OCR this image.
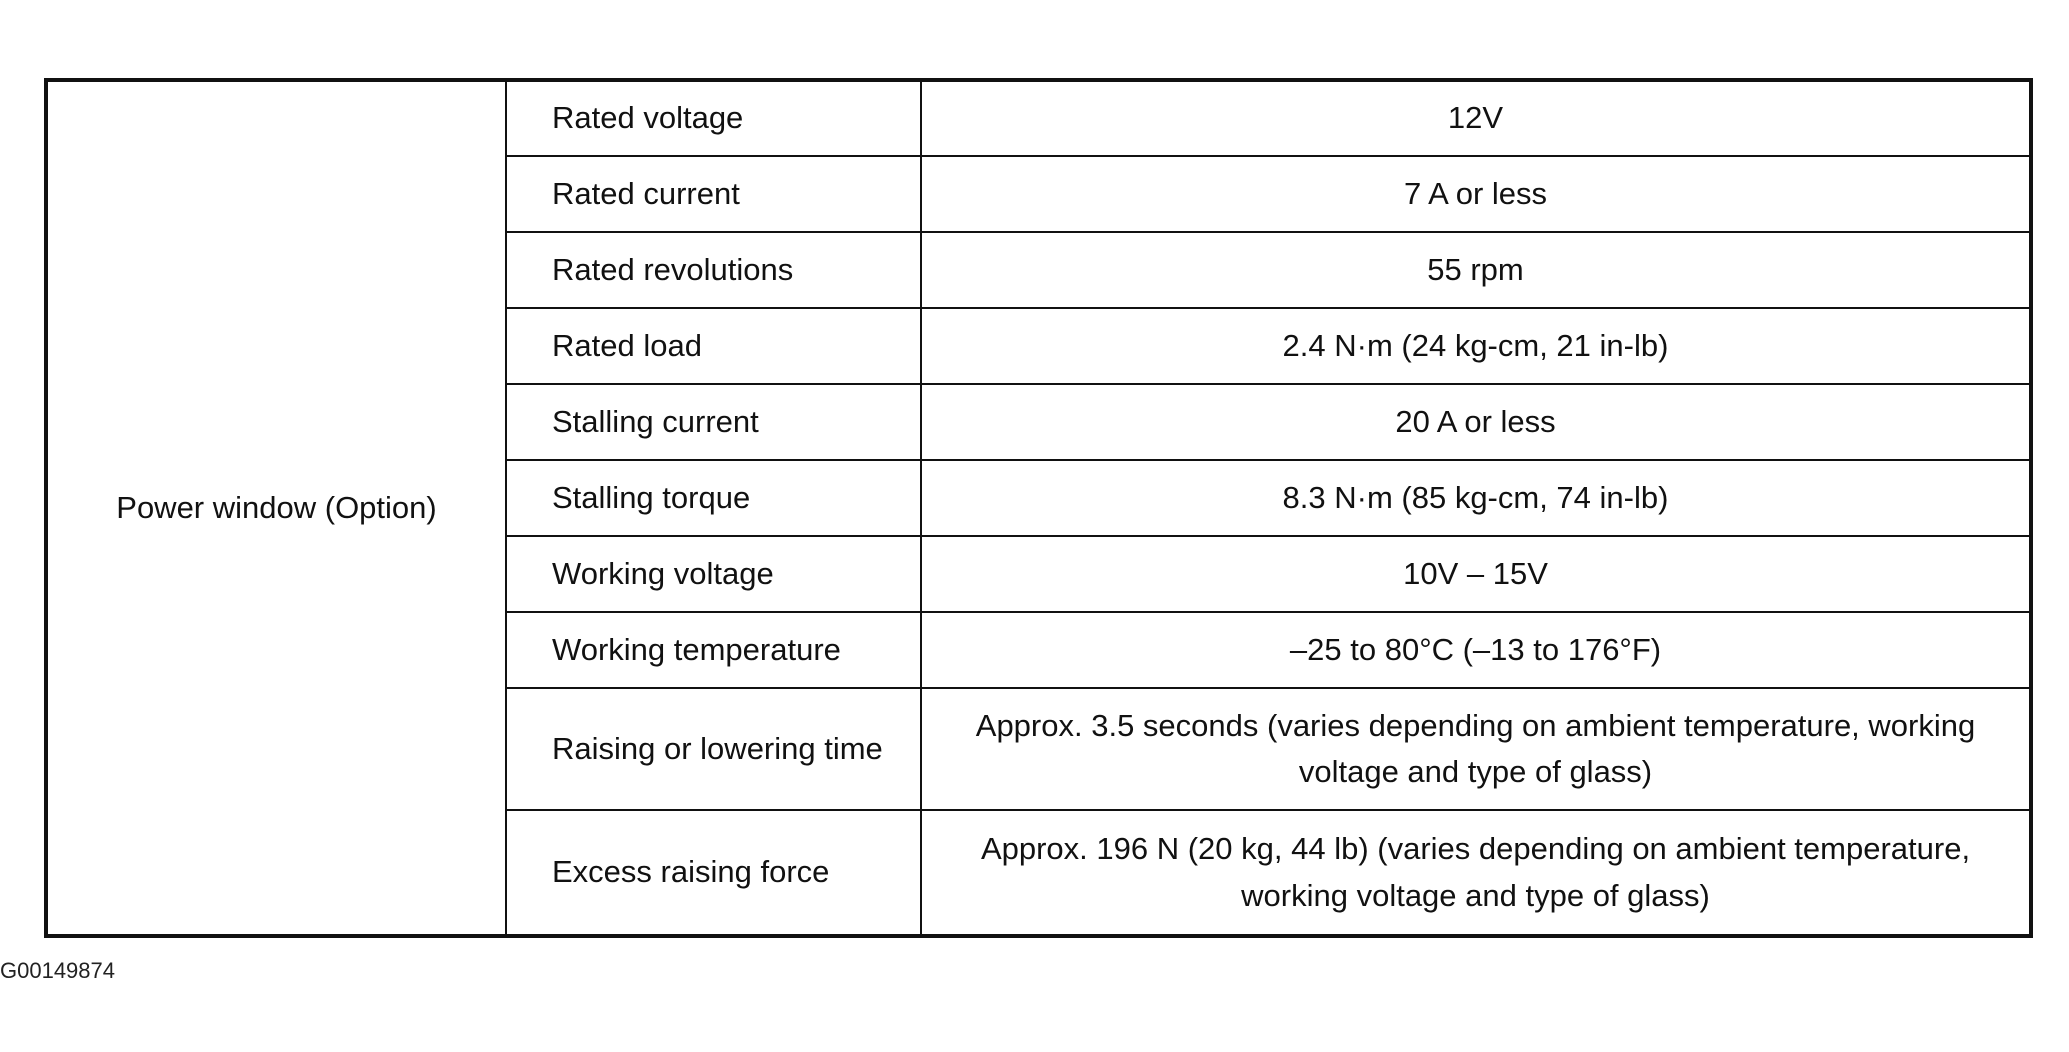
Power window (Option)	Rated voltage	12V
	Rated current	7 A or less
	Rated revolutions	55 rpm
	Rated load	2.4 N·m (24 kg-cm, 21 in-lb)
	Stalling current	20 A or less
	Stalling torque	8.3 N·m (85 kg-cm, 74 in-lb)
	Working voltage	10V – 15V
	Working temperature	–25 to 80°C (–13 to 176°F)
	Raising or lowering time	Approx. 3.5 seconds (varies depending on ambient temperature, working voltage and type of glass)
	Excess raising force	Approx. 196 N (20 kg, 44 lb) (varies depending on ambient temperature, working voltage and type of glass)
G00149874
